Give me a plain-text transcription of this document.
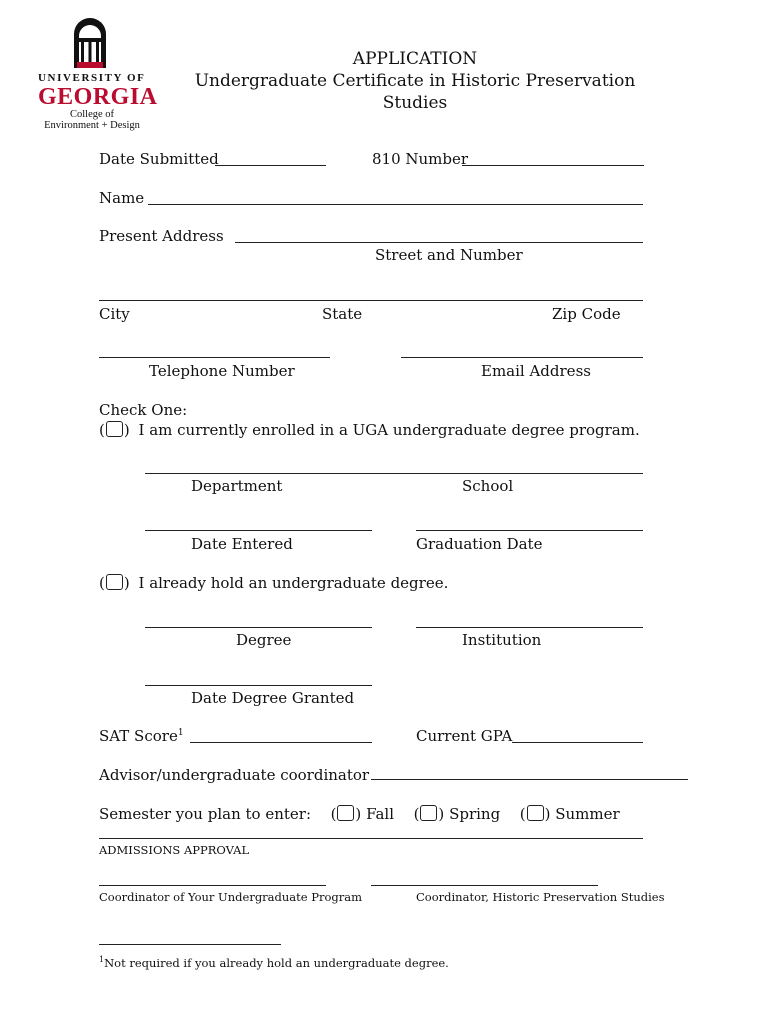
UNIVERSITY OF
GEORGIA
College of
Environment + Design
APPLICATION
Undergraduate Certificate in Historic Preservation Studies
Date Submitted	810 Number
Name
Present Address
Street and Number
City	State	Zip Code
Telephone Number	Email Address
Check One:
( ) I am currently enrolled in a UGA undergraduate degree program.
Department	School
Date Entered	Graduation Date
( ) I already hold an undergraduate degree.
Degree	Institution
Date Degree Granted
SAT Score$^1$	Current GPA
Advisor/undergraduate coordinator
Semester you plan to enter: ( ) Fall ( ) Spring ( ) Summer
ADMISSIONS APPROVAL
Coordinator of Your Undergraduate Program	Coordinator, Historic Preservation Studies
$^1$Not required if you already hold an undergraduate degree.
